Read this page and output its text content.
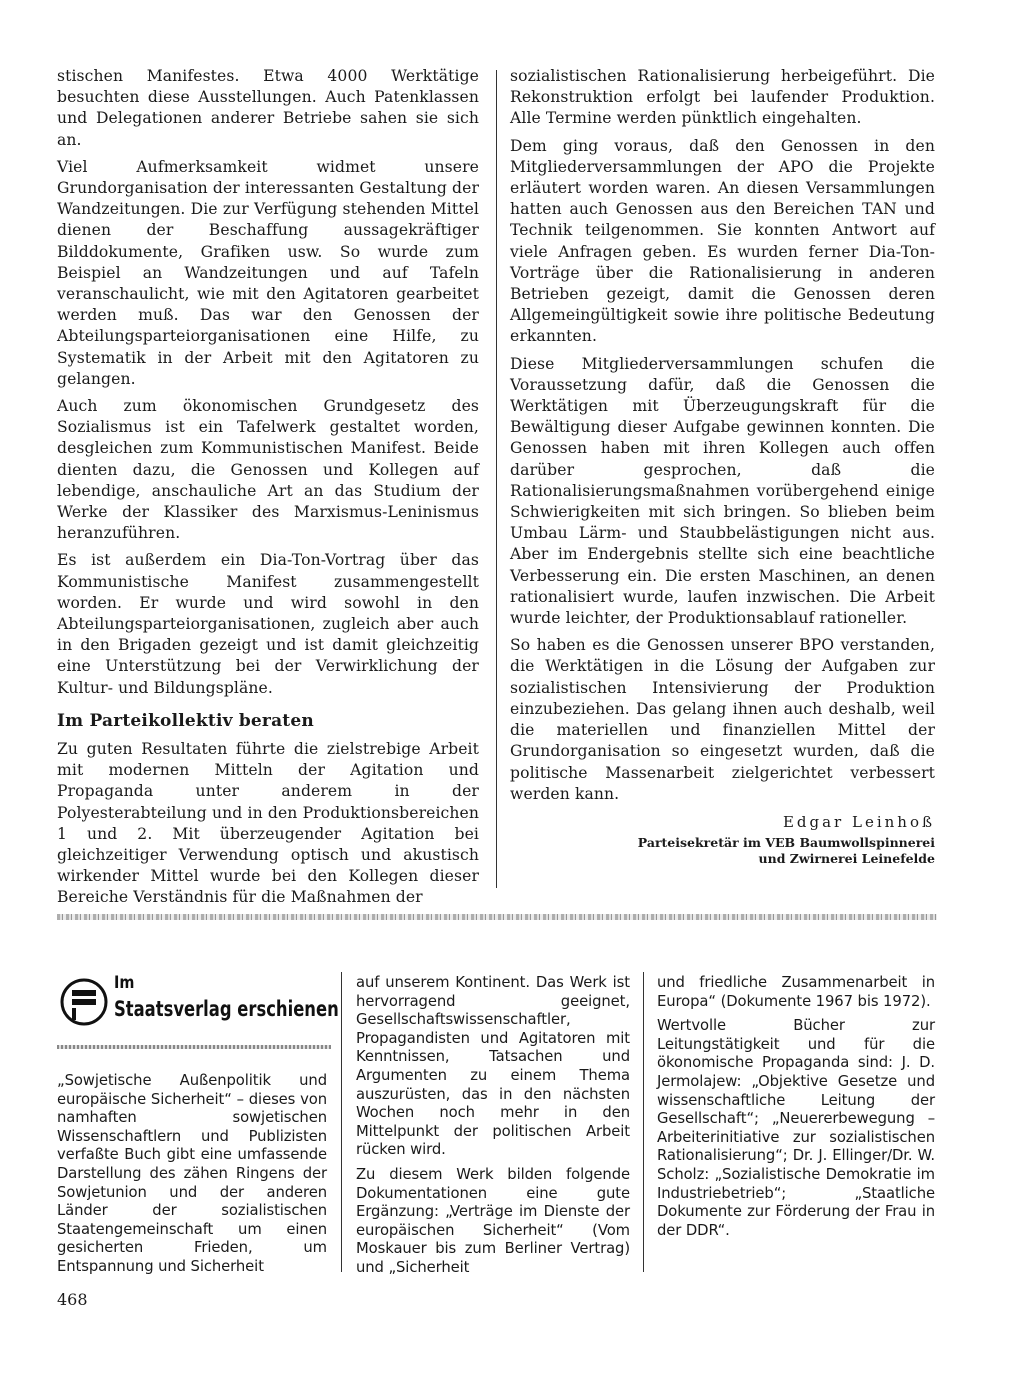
stischen Manifestes. Etwa 4000 Werktätige besuchten diese Ausstellungen. Auch Patenklassen und Delegationen anderer Betriebe sahen sie sich an.

Viel Aufmerksamkeit widmet unsere Grundorganisation der interessanten Gestaltung der Wandzeitungen. Die zur Verfügung stehenden Mittel dienen der Beschaffung aussagekräftiger Bilddokumente, Grafiken usw. So wurde zum Beispiel an Wandzeitungen und auf Tafeln veranschaulicht, wie mit den Agitatoren gearbeitet werden muß. Das war den Genossen der Abteilungsparteiorganisationen eine Hilfe, zu Systematik in der Arbeit mit den Agitatoren zu gelangen.

Auch zum ökonomischen Grundgesetz des Sozialismus ist ein Tafelwerk gestaltet worden, desgleichen zum Kommunistischen Manifest. Beide dienten dazu, die Genossen und Kollegen auf lebendige, anschauliche Art an das Studium der Werke der Klassiker des Marxismus-Leninismus heranzuführen.

Es ist außerdem ein Dia-Ton-Vortrag über das Kommunistische Manifest zusammengestellt worden. Er wurde und wird sowohl in den Abteilungsparteiorganisationen, zugleich aber auch in den Brigaden gezeigt und ist damit gleichzeitig eine Unterstützung bei der Verwirklichung der Kultur- und Bildungspläne.

Im Parteikollektiv beraten

Zu guten Resultaten führte die zielstrebige Arbeit mit modernen Mitteln der Agitation und Propaganda unter anderem in der Polyesterabteilung und in den Produktionsbereichen 1 und 2. Mit überzeugender Agitation bei gleichzeitiger Verwendung optisch und akustisch wirkender Mittel wurde bei den Kollegen dieser Bereiche Verständnis für die Maßnahmen der

sozialistischen Rationalisierung herbeigeführt. Die Rekonstruktion erfolgt bei laufender Produktion. Alle Termine werden pünktlich eingehalten.

Dem ging voraus, daß den Genossen in den Mitgliederversammlungen der APO die Projekte erläutert worden waren. An diesen Versammlungen hatten auch Genossen aus den Bereichen TAN und Technik teilgenommen. Sie konnten Antwort auf viele Anfragen geben. Es wurden ferner Dia-Ton-Vorträge über die Rationalisierung in anderen Betrieben gezeigt, damit die Genossen deren Allgemeingültigkeit sowie ihre politische Bedeutung erkannten.

Diese Mitgliederversammlungen schufen die Voraussetzung dafür, daß die Genossen die Werktätigen mit Überzeugungskraft für die Bewältigung dieser Aufgabe gewinnen konnten. Die Genossen haben mit ihren Kollegen auch offen darüber gesprochen, daß die Rationalisierungsmaßnahmen vorübergehend einige Schwierigkeiten mit sich bringen. So blieben beim Umbau Lärm- und Staubbelästigungen nicht aus. Aber im Endergebnis stellte sich eine beachtliche Verbesserung ein. Die ersten Maschinen, an denen rationalisiert wurde, laufen inzwischen. Die Arbeit wurde leichter, der Produktionsablauf rationeller.

So haben es die Genossen unserer BPO verstanden, die Werktätigen in die Lösung der Aufgaben zur sozialistischen Intensivierung der Produktion einzubeziehen. Das gelang ihnen auch deshalb, weil die materiellen und finanziellen Mittel der Grundorganisation so eingesetzt wurden, daß die politische Massenarbeit zielgerichtet verbessert werden kann.

Edgar Leinhoß
Parteisekretär im VEB Baumwollspinnerei
und Zwirnerei Leinefelde
Im
Staatsverlag erschienen

„Sowjetische Außenpolitik und europäische Sicherheit“ – dieses von namhaften sowjetischen Wissenschaftlern und Publizisten verfaßte Buch gibt eine umfassende Darstellung des zähen Ringens der Sowjetunion und der anderen Länder der sozialistischen Staatengemeinschaft um einen gesicherten Frieden, um Entspannung und Sicherheit

auf unserem Kontinent. Das Werk ist hervorragend geeignet, Gesellschaftswissenschaftler, Propagandisten und Agitatoren mit Kenntnissen, Tatsachen und Argumenten zu einem Thema auszurüsten, das in den nächsten Wochen noch mehr in den Mittelpunkt der politischen Arbeit rücken wird.

Zu diesem Werk bilden folgende Dokumentationen eine gute Ergänzung: „Verträge im Dienste der europäischen Sicherheit“ (Vom Moskauer bis zum Berliner Vertrag) und „Sicherheit

und friedliche Zusammenarbeit in Europa“ (Dokumente 1967 bis 1972).

Wertvolle Bücher zur Leitungstätigkeit und für die ökonomische Propaganda sind: J. D. Jermolajew: „Objektive Gesetze und wissenschaftliche Leitung der Gesellschaft“; „Neuererbewegung – Arbeiterinitiative zur sozialistischen Rationalisierung“; Dr. J. Ellinger/Dr. W. Scholz: „Sozialistische Demokratie im Industriebetrieb“; „Staatliche Dokumente zur Förderung der Frau in der DDR“.

468
